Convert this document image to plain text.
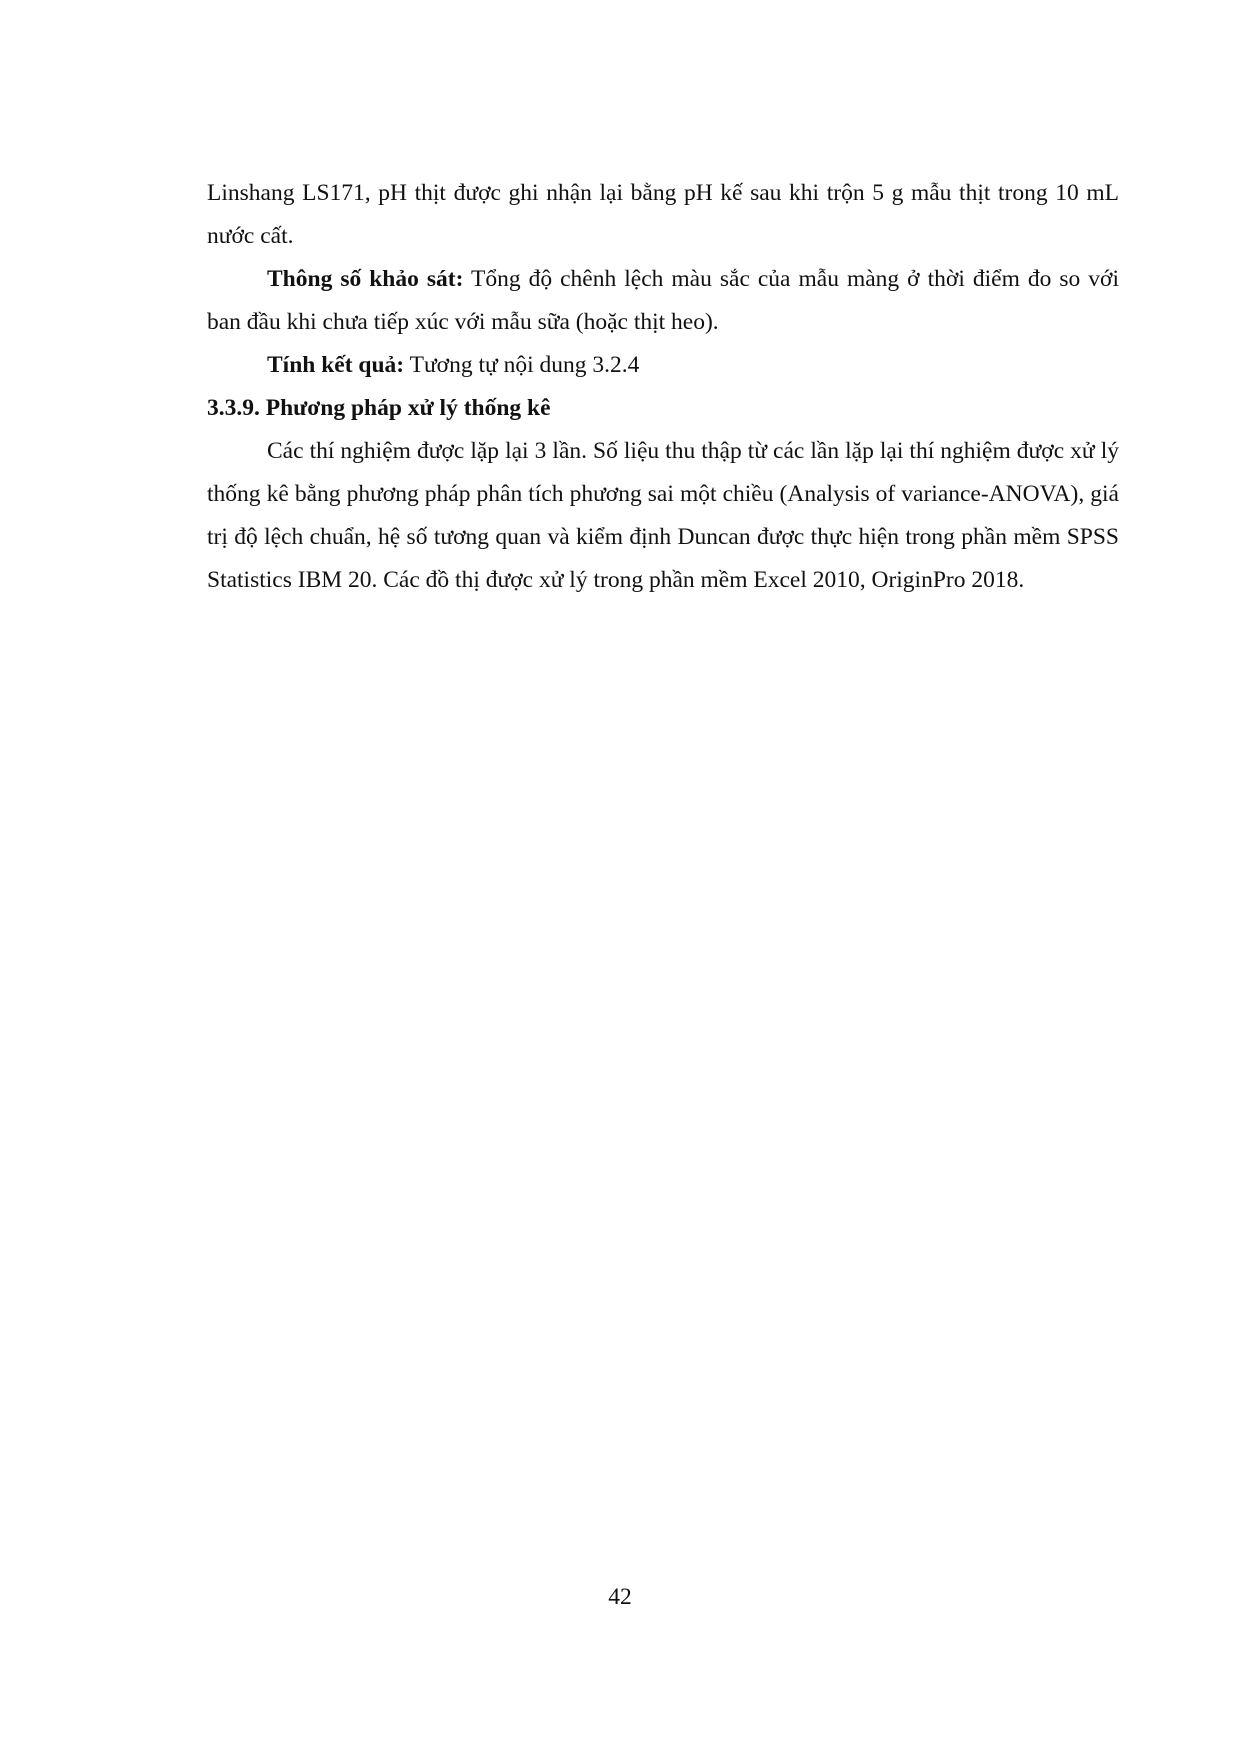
Linshang LS171, pH thịt được ghi nhận lại bằng pH kế sau khi trộn 5 g mẫu thịt trong 10 mL nước cất.

Thông số khảo sát: Tổng độ chênh lệch màu sắc của mẫu màng ở thời điểm đo so với ban đầu khi chưa tiếp xúc với mẫu sữa (hoặc thịt heo).

Tính kết quả: Tương tự nội dung 3.2.4

3.3.9. Phương pháp xử lý thống kê

Các thí nghiệm được lặp lại 3 lần. Số liệu thu thập từ các lần lặp lại thí nghiệm được xử lý thống kê bằng phương pháp phân tích phương sai một chiều (Analysis of variance-ANOVA), giá trị độ lệch chuẩn, hệ số tương quan và kiểm định Duncan được thực hiện trong phần mềm SPSS Statistics IBM 20. Các đồ thị được xử lý trong phần mềm Excel 2010, OriginPro 2018.

42
